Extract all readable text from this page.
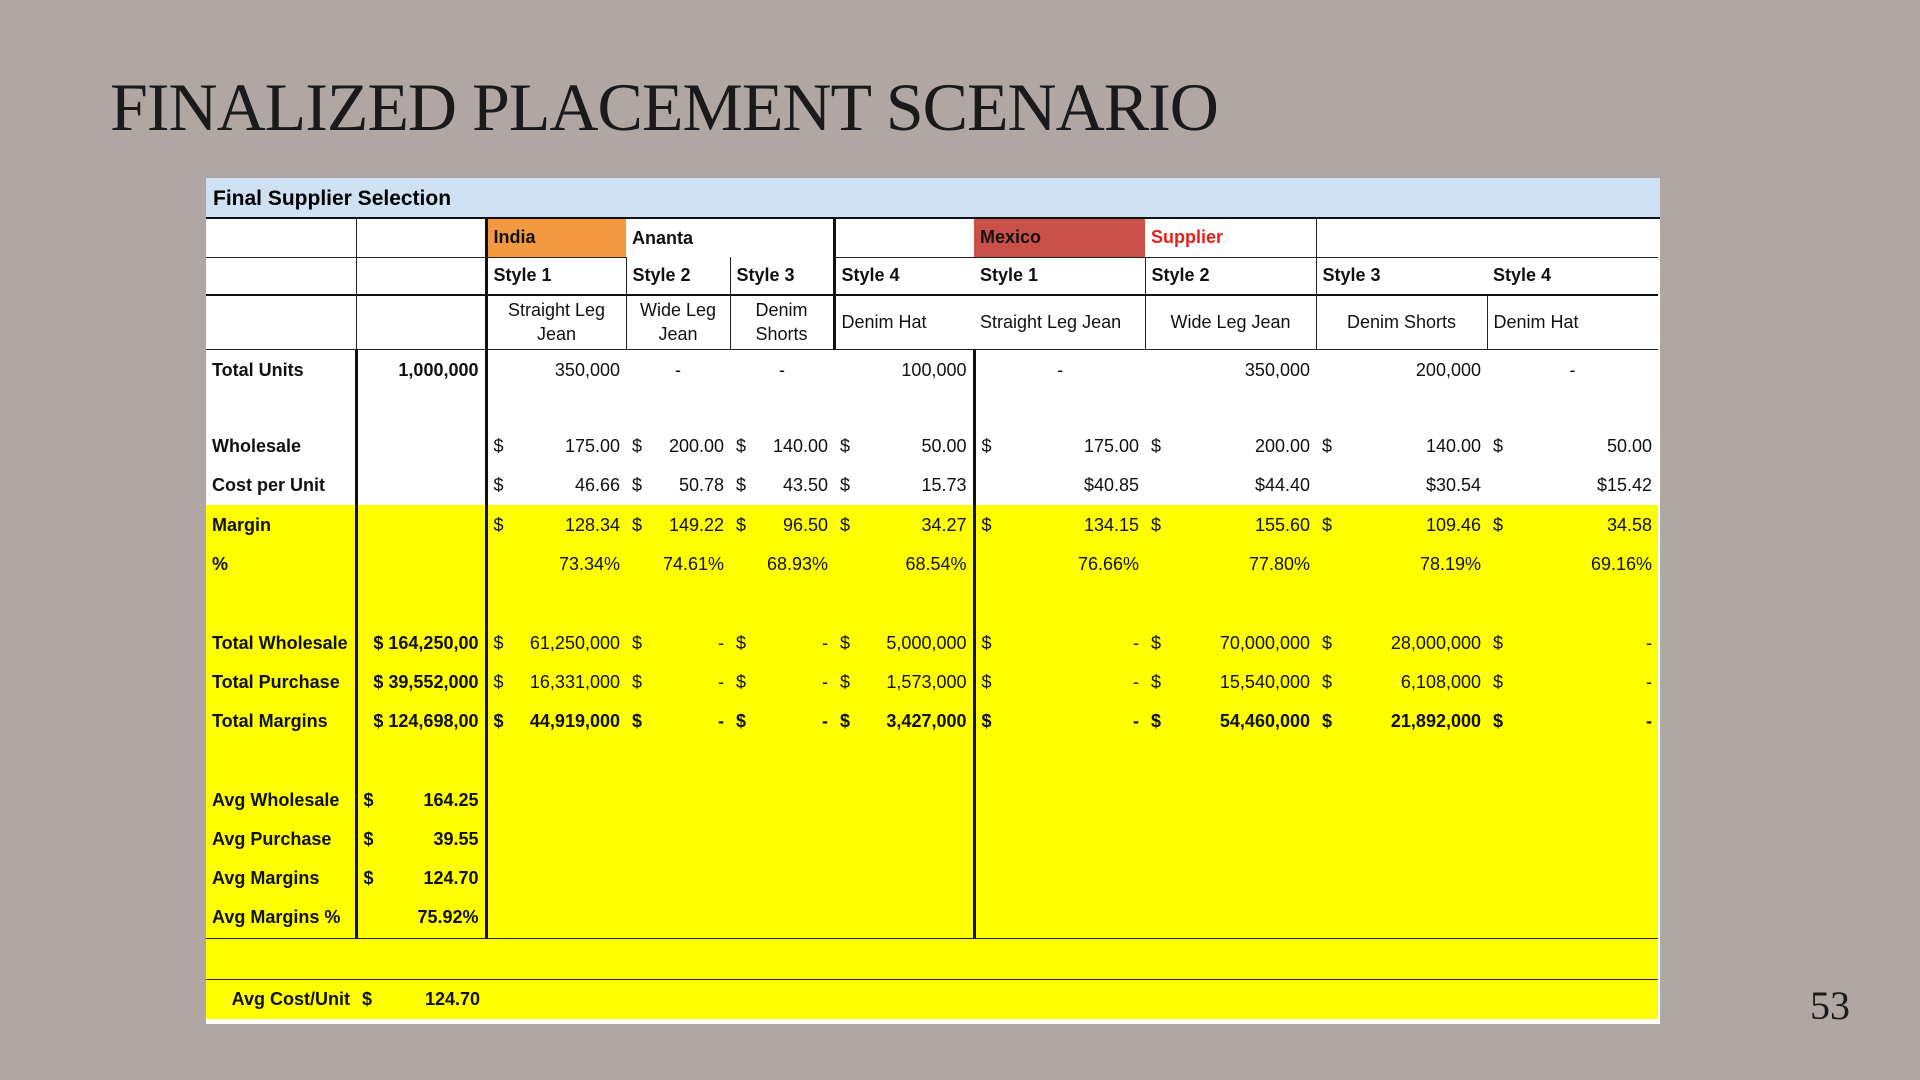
FINALIZED PLACEMENT SCENARIO
Final Supplier Selection
		India	Ananta			Mexico	Supplier		
		Style 1	Style 2	Style 3	Style 4	Style 1	Style 2	Style 3	Style 4
		Straight Leg Jean	Wide Leg Jean	Denim Shorts	Denim Hat	Straight Leg Jean	Wide Leg Jean	Denim Shorts	Denim Hat
Total Units	1,000,000	350,000	-	-	100,000	-	350,000	200,000	-

Wholesale		$ 175.00	$ 200.00	$ 140.00	$ 50.00	$ 175.00	$ 200.00	$ 140.00	$ 50.00

Cost per Unit		$ 46.66	$ 50.78	$ 43.50	$ 15.73	$40.85	$44.40	$30.54	$15.42
Margin		$ 128.34	$ 149.22	$ 96.50	$ 34.27	$ 134.15	$ 155.60	$ 109.46	$ 34.58

%		73.34%	74.61%	68.93%	68.54%	76.66%	77.80%	78.19%	69.16%

Total Wholesale	$ 164,250,00	$ 61,250,000	$ -	$ -	$ 5,000,000	$ -	$ 70,000,000	$ 28,000,000	$ -

Total Purchase	$ 39,552,000	$ 16,331,000	$ -	$ -	$ 1,573,000	$ -	$ 15,540,000	$ 6,108,000	$ -

Total Margins	$ 124,698,00	$ 44,919,000	$ -	$ -	$ 3,427,000	$ -	$ 54,460,000	$ 21,892,000	$ -

Avg Wholesale	$ 164.25								

Avg Purchase	$ 39.55								

Avg Margins	$ 124.70								

Avg Margins %	75.92%								

Avg Cost/Unit	$ 124.70								
		53
